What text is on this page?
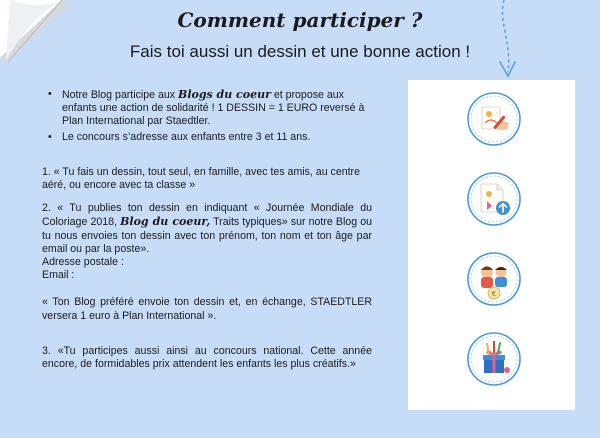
Comment participer ?

Fais toi aussi un dessin et une bonne action !

• Notre Blog participe aux Blogs du coeur et propose aux enfants une action de solidarité ! 1 DESSIN = 1 EURO reversé à Plan International par Staedtler.

• Le concours s’adresse aux enfants entre 3 et 11 ans.

1. « Tu fais un dessin, tout seul, en famille, avec tes amis, au centre aéré, ou encore avec ta classe »

2. « Tu publies ton dessin en indiquant « Journée Mondiale du Coloriage 2018, Blog du coeur, Traits typiques» sur notre Blog ou tu nous envoies ton dessin avec ton prénom, ton nom et ton âge par email ou par la poste».

Adresse postale :

Email :

« Ton Blog préféré envoie ton dessin et, en échange, STAEDTLER versera 1 euro à Plan International ».

3. «Tu participes aussi ainsi au concours national. Cette année encore, de formidables prix attendent les enfants les plus créatifs.»

€
